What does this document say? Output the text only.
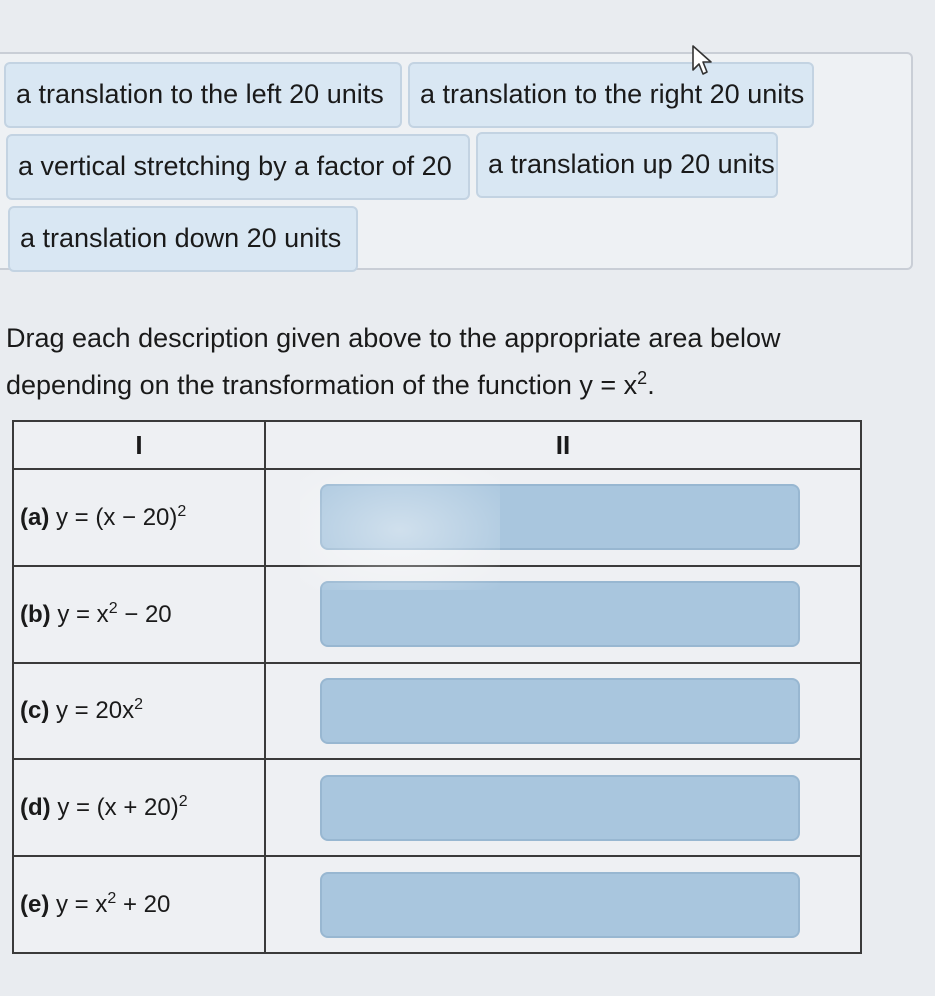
a translation to the left 20 units	a translation to the right 20 units
a vertical stretching by a factor of 20	a translation up 20 units
a translation down 20 units
Drag each description given above to the appropriate area below depending on the transformation of the function $y = x^2$.
I	II
(a) $y = (x - 20)^2$	

(b) $y = x^2 - 20$	

(c) $y = 20x^2$	

(d) $y = (x + 20)^2$	

(e) $y = x^2 + 20$	
